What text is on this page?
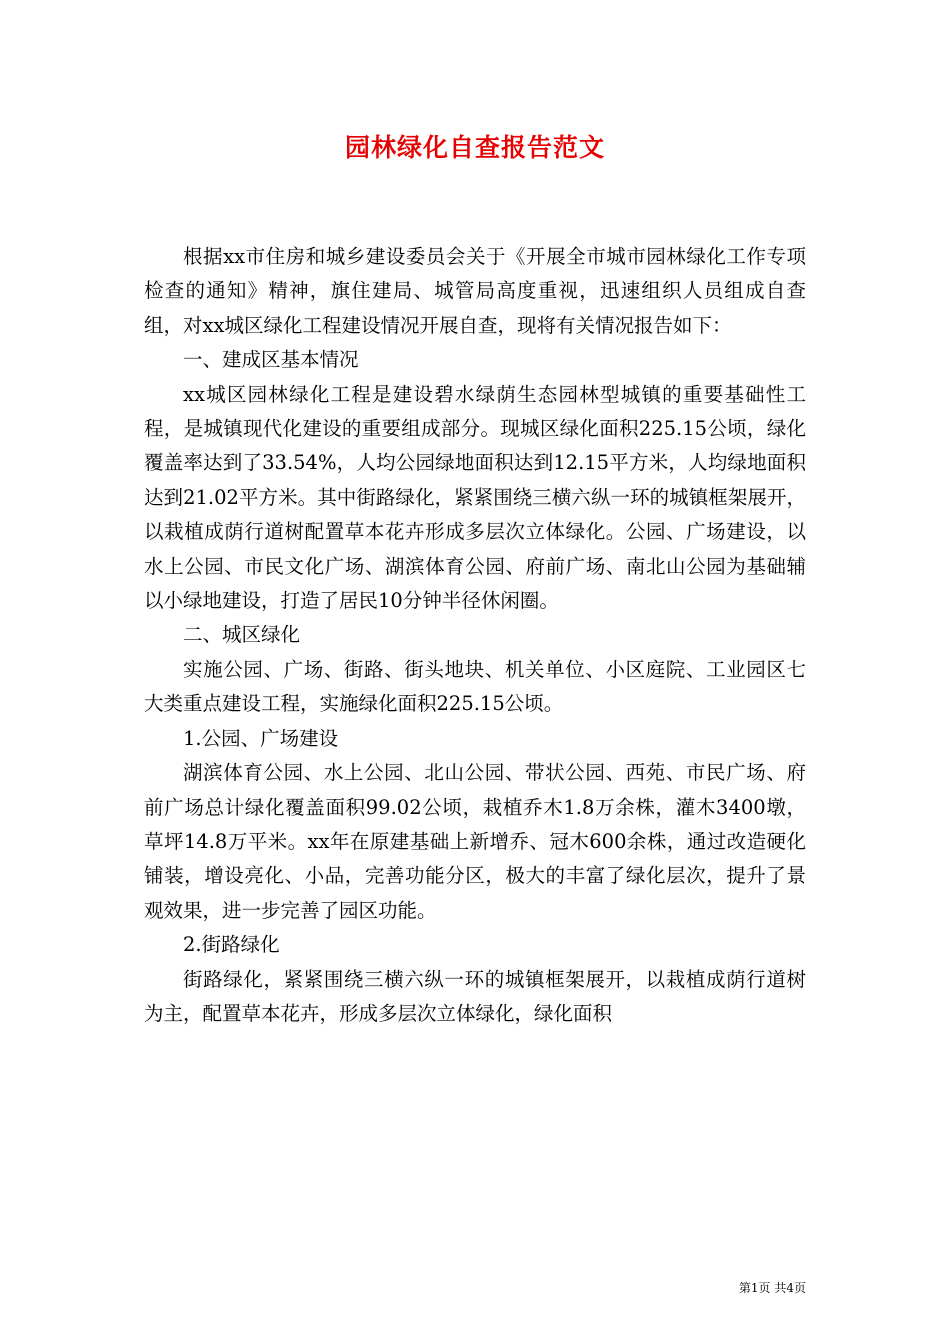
园林绿化自查报告范文

根据xx市住房和城乡建设委员会关于《开展全市城市园林绿化工作专项检查的通知》精神，旗住建局、城管局高度重视，迅速组织人员组成自查组，对xx城区绿化工程建设情况开展自查，现将有关情况报告如下：

一、建成区基本情况

xx城区园林绿化工程是建设碧水绿荫生态园林型城镇的重要基础性工程，是城镇现代化建设的重要组成部分。现城区绿化面积225.15公顷，绿化覆盖率达到了33.54%，人均公园绿地面积达到12.15平方米，人均绿地面积达到21.02平方米。其中街路绿化，紧紧围绕三横六纵一环的城镇框架展开，以栽植成荫行道树配置草本花卉形成多层次立体绿化。公园、广场建设，以水上公园、市民文化广场、湖滨体育公园、府前广场、南北山公园为基础辅以小绿地建设，打造了居民10分钟半径休闲圈。

二、城区绿化

实施公园、广场、街路、街头地块、机关单位、小区庭院、工业园区七大类重点建设工程，实施绿化面积225.15公顷。

1.公园、广场建设

湖滨体育公园、水上公园、北山公园、带状公园、西苑、市民广场、府前广场总计绿化覆盖面积99.02公顷，栽植乔木1.8万余株，灌木3400墩，草坪14.8万平米。xx年在原建基础上新增乔、冠木600余株，通过改造硬化铺装，增设亮化、小品，完善功能分区，极大的丰富了绿化层次，提升了景观效果，进一步完善了园区功能。

2.街路绿化

街路绿化，紧紧围绕三横六纵一环的城镇框架展开，以栽植成荫行道树为主，配置草本花卉，形成多层次立体绿化，绿化面积

第1页 共4页
